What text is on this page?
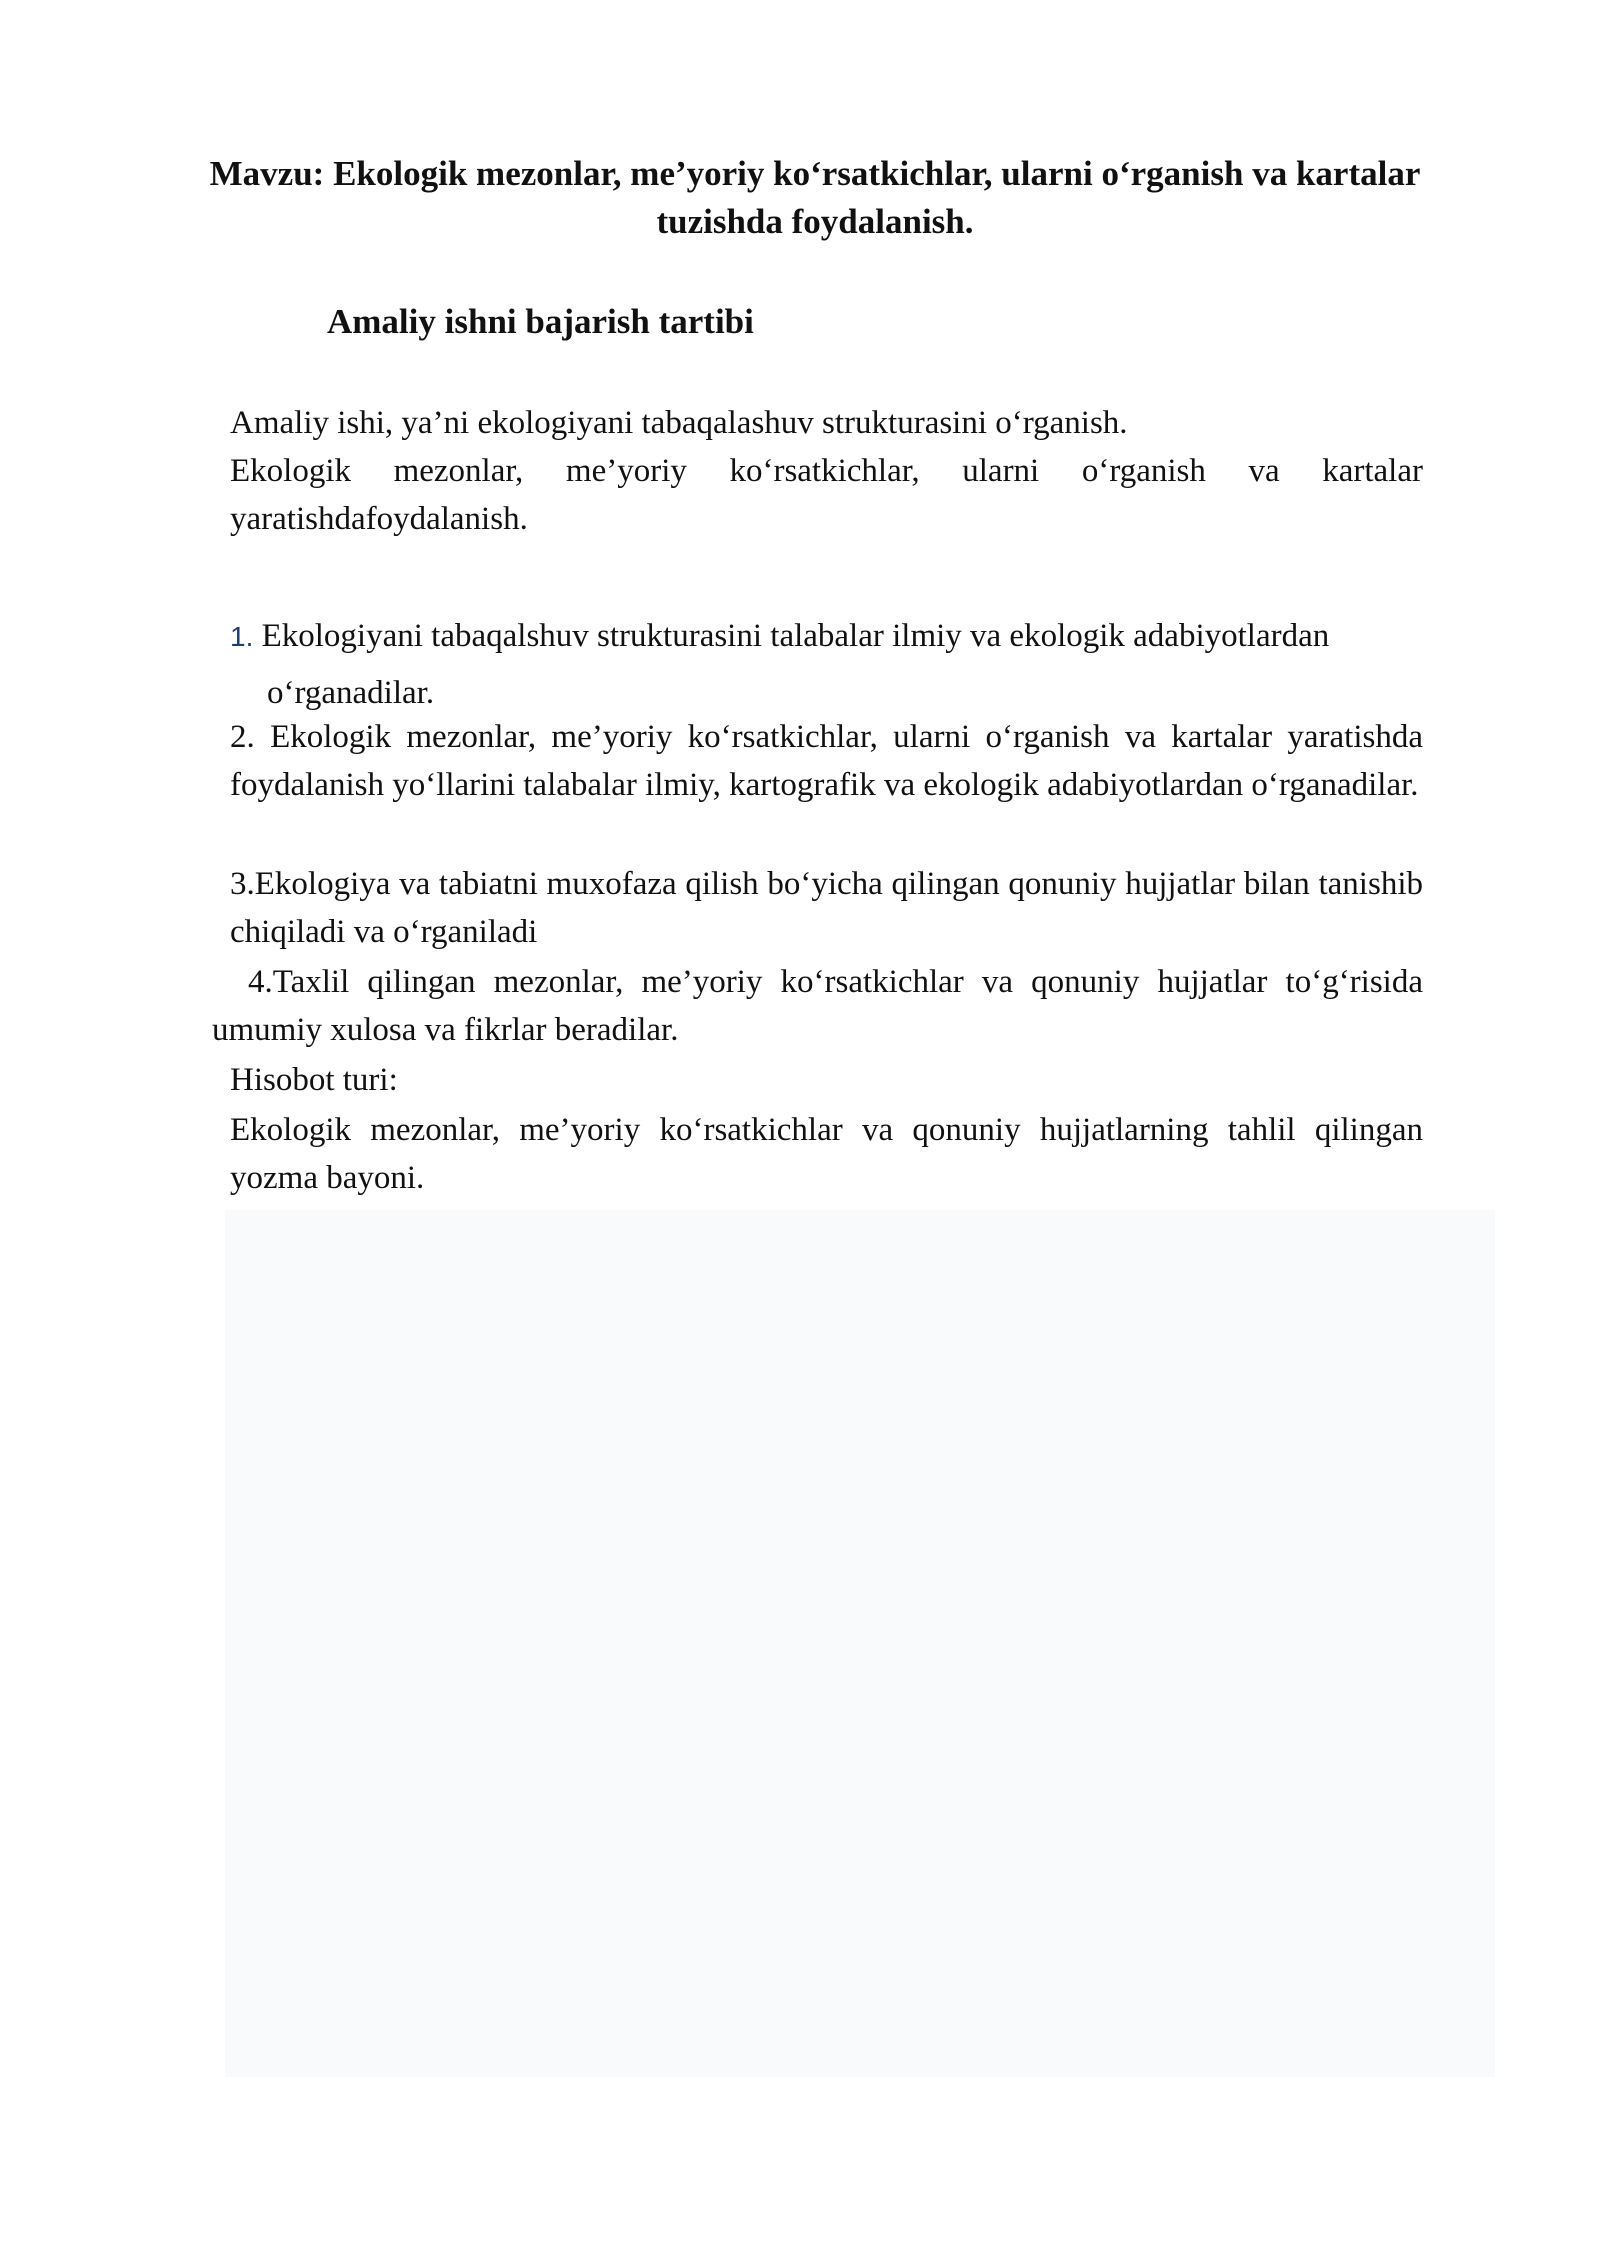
Mavzu: Ekologik mezonlar, me’yoriy ko‘rsatkichlar, ularni o‘rganish va kartalar tuzishda foydalanish.
Amaliy ishni bajarish tartibi

Amaliy ishi, ya’ni ekologiyani tabaqalashuv strukturasini o‘rganish.
Ekologik mezonlar, me’yoriy ko‘rsatkichlar, ularni o‘rganish va kartalar yaratishdafoydalanish.

1. Ekologiyani tabaqalshuv strukturasini talabalar ilmiy va ekologik adabiyotlardan
o‘rganadilar.

2. Ekologik mezonlar, me’yoriy ko‘rsatkichlar, ularni o‘rganish va kartalar yaratishda foydalanish yo‘llarini talabalar ilmiy, kartografik va ekologik adabiyotlardan o‘rganadilar.

3.Ekologiya va tabiatni muxofaza qilish bo‘yicha qilingan qonuniy hujjatlar bilan tanishib chiqiladi va o‘rganiladi

4.Taxlil qilingan mezonlar, me’yoriy ko‘rsatkichlar va qonuniy hujjatlar to‘g‘risida umumiy xulosa va fikrlar beradilar.

Hisobot turi:

Ekologik mezonlar, me’yoriy ko‘rsatkichlar va qonuniy hujjatlarning tahlil qilingan yozma bayoni.
